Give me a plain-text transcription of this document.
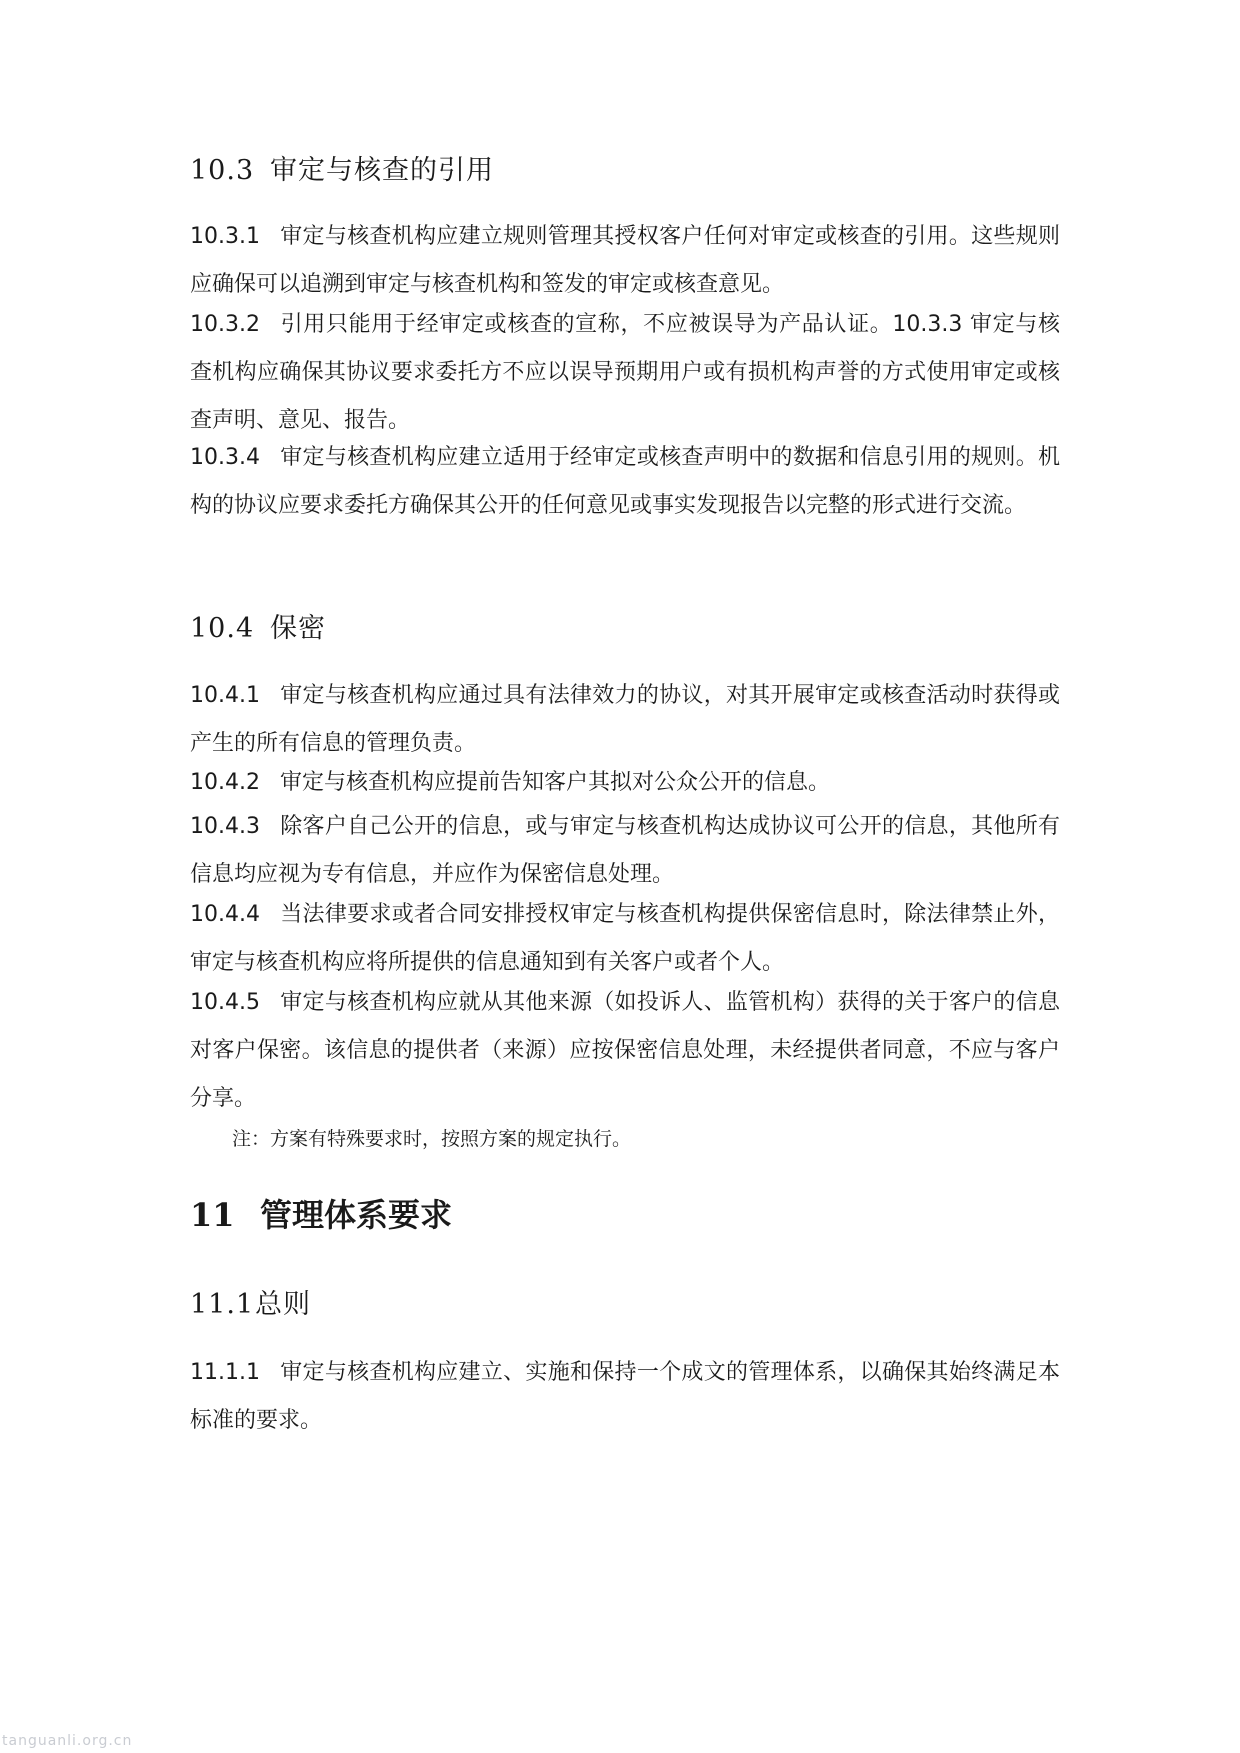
10.3 审定与核查的引用

10.3.1 审定与核查机构应建立规则管理其授权客户任何对审定或核查的引用。这些规则应确保可以追溯到审定与核查机构和签发的审定或核查意见。

10.3.2 引用只能用于经审定或核查的宣称，不应被误导为产品认证。10.3.3 审定与核查机构应确保其协议要求委托方不应以误导预期用户或有损机构声誉的方式使用审定或核查声明、意见、报告。

10.3.4 审定与核查机构应建立适用于经审定或核查声明中的数据和信息引用的规则。机构的协议应要求委托方确保其公开的任何意见或事实发现报告以完整的形式进行交流。

10.4 保密

10.4.1 审定与核查机构应通过具有法律效力的协议，对其开展审定或核查活动时获得或产生的所有信息的管理负责。

10.4.2 审定与核查机构应提前告知客户其拟对公众公开的信息。

10.4.3 除客户自己公开的信息，或与审定与核查机构达成协议可公开的信息，其他所有信息均应视为专有信息，并应作为保密信息处理。

10.4.4 当法律要求或者合同安排授权审定与核查机构提供保密信息时，除法律禁止外，审定与核查机构应将所提供的信息通知到有关客户或者个人。

10.4.5 审定与核查机构应就从其他来源（如投诉人、监管机构）获得的关于客户的信息对客户保密。该信息的提供者（来源）应按保密信息处理，未经提供者同意，不应与客户分享。

注：方案有特殊要求时，按照方案的规定执行。

11 管理体系要求
11.1总则

11.1.1 审定与核查机构应建立、实施和保持一个成文的管理体系，以确保其始终满足本标准的要求。

tanguanli.org.cn
